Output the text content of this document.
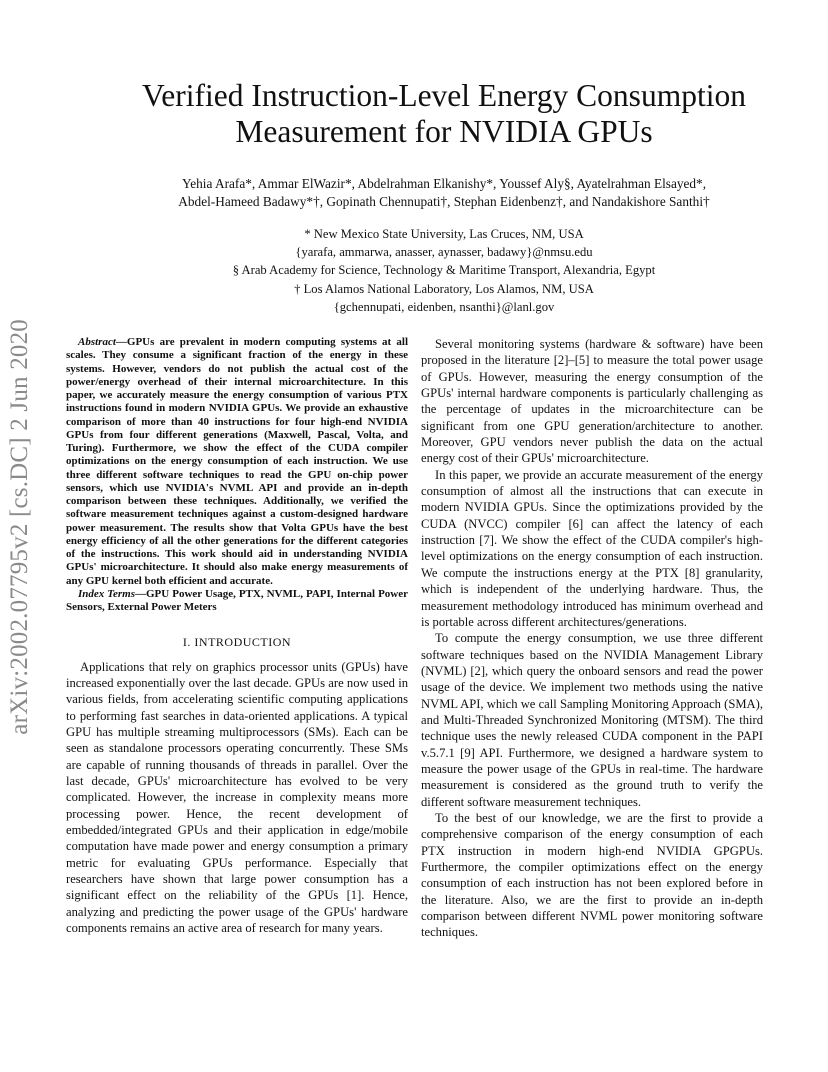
arXiv:2002.07795v2 [cs.DC] 2 Jun 2020
Verified Instruction-Level Energy Consumption
Measurement for NVIDIA GPUs
Yehia Arafa*, Ammar ElWazir*, Abdelrahman Elkanishy*, Youssef Aly§, Ayatelrahman Elsayed*,
Abdel-Hameed Badawy*†, Gopinath Chennupati†, Stephan Eidenbenz†, and Nandakishore Santhi†
* New Mexico State University, Las Cruces, NM, USA
{yarafa, ammarwa, anasser, aynasser, badawy}@nmsu.edu
§ Arab Academy for Science, Technology & Maritime Transport, Alexandria, Egypt
† Los Alamos National Laboratory, Los Alamos, NM, USA
{gchennupati, eidenben, nsanthi}@lanl.gov

Abstract—GPUs are prevalent in modern computing systems at all scales. They consume a significant fraction of the energy in these systems. However, vendors do not publish the actual cost of the power/energy overhead of their internal microarchitecture. In this paper, we accurately measure the energy consumption of various PTX instructions found in modern NVIDIA GPUs. We provide an exhaustive comparison of more than 40 instructions for four high-end NVIDIA GPUs from four different generations (Maxwell, Pascal, Volta, and Turing). Furthermore, we show the effect of the CUDA compiler optimizations on the energy consumption of each instruction. We use three different software techniques to read the GPU on-chip power sensors, which use NVIDIA's NVML API and provide an in-depth comparison between these techniques. Additionally, we verified the software measurement techniques against a custom-designed hardware power measurement. The results show that Volta GPUs have the best energy efficiency of all the other generations for the different categories of the instructions. This work should aid in understanding NVIDIA GPUs' microarchitecture. It should also make energy measurements of any GPU kernel both efficient and accurate.

Index Terms—GPU Power Usage, PTX, NVML, PAPI, Internal Power Sensors, External Power Meters

I. INTRODUCTION

Applications that rely on graphics processor units (GPUs) have increased exponentially over the last decade. GPUs are now used in various fields, from accelerating scientific computing applications to performing fast searches in data-oriented applications. A typical GPU has multiple streaming multiprocessors (SMs). Each can be seen as standalone processors operating concurrently. These SMs are capable of running thousands of threads in parallel. Over the last decade, GPUs' microarchitecture has evolved to be very complicated. However, the increase in complexity means more processing power. Hence, the recent development of embedded/integrated GPUs and their application in edge/mobile computation have made power and energy consumption a primary metric for evaluating GPUs performance. Especially that researchers have shown that large power consumption has a significant effect on the reliability of the GPUs [1]. Hence, analyzing and predicting the power usage of the GPUs' hardware components remains an active area of research for many years.

Several monitoring systems (hardware & software) have been proposed in the literature [2]–[5] to measure the total power usage of GPUs. However, measuring the energy consumption of the GPUs' internal hardware components is particularly challenging as the percentage of updates in the microarchitecture can be significant from one GPU generation/architecture to another. Moreover, GPU vendors never publish the data on the actual energy cost of their GPUs' microarchitecture.

In this paper, we provide an accurate measurement of the energy consumption of almost all the instructions that can execute in modern NVIDIA GPUs. Since the optimizations provided by the CUDA (NVCC) compiler [6] can affect the latency of each instruction [7]. We show the effect of the CUDA compiler's high-level optimizations on the energy consumption of each instruction. We compute the instructions energy at the PTX [8] granularity, which is independent of the underlying hardware. Thus, the measurement methodology introduced has minimum overhead and is portable across different architectures/generations.

To compute the energy consumption, we use three different software techniques based on the NVIDIA Management Library (NVML) [2], which query the onboard sensors and read the power usage of the device. We implement two methods using the native NVML API, which we call Sampling Monitoring Approach (SMA), and Multi-Threaded Synchronized Monitoring (MTSM). The third technique uses the newly released CUDA component in the PAPI v.5.7.1 [9] API. Furthermore, we designed a hardware system to measure the power usage of the GPUs in real-time. The hardware measurement is considered as the ground truth to verify the different software measurement techniques.

To the best of our knowledge, we are the first to provide a comprehensive comparison of the energy consumption of each PTX instruction in modern high-end NVIDIA GPGPUs. Furthermore, the compiler optimizations effect on the energy consumption of each instruction has not been explored before in the literature. Also, we are the first to provide an in-depth comparison between different NVML power monitoring software techniques.
